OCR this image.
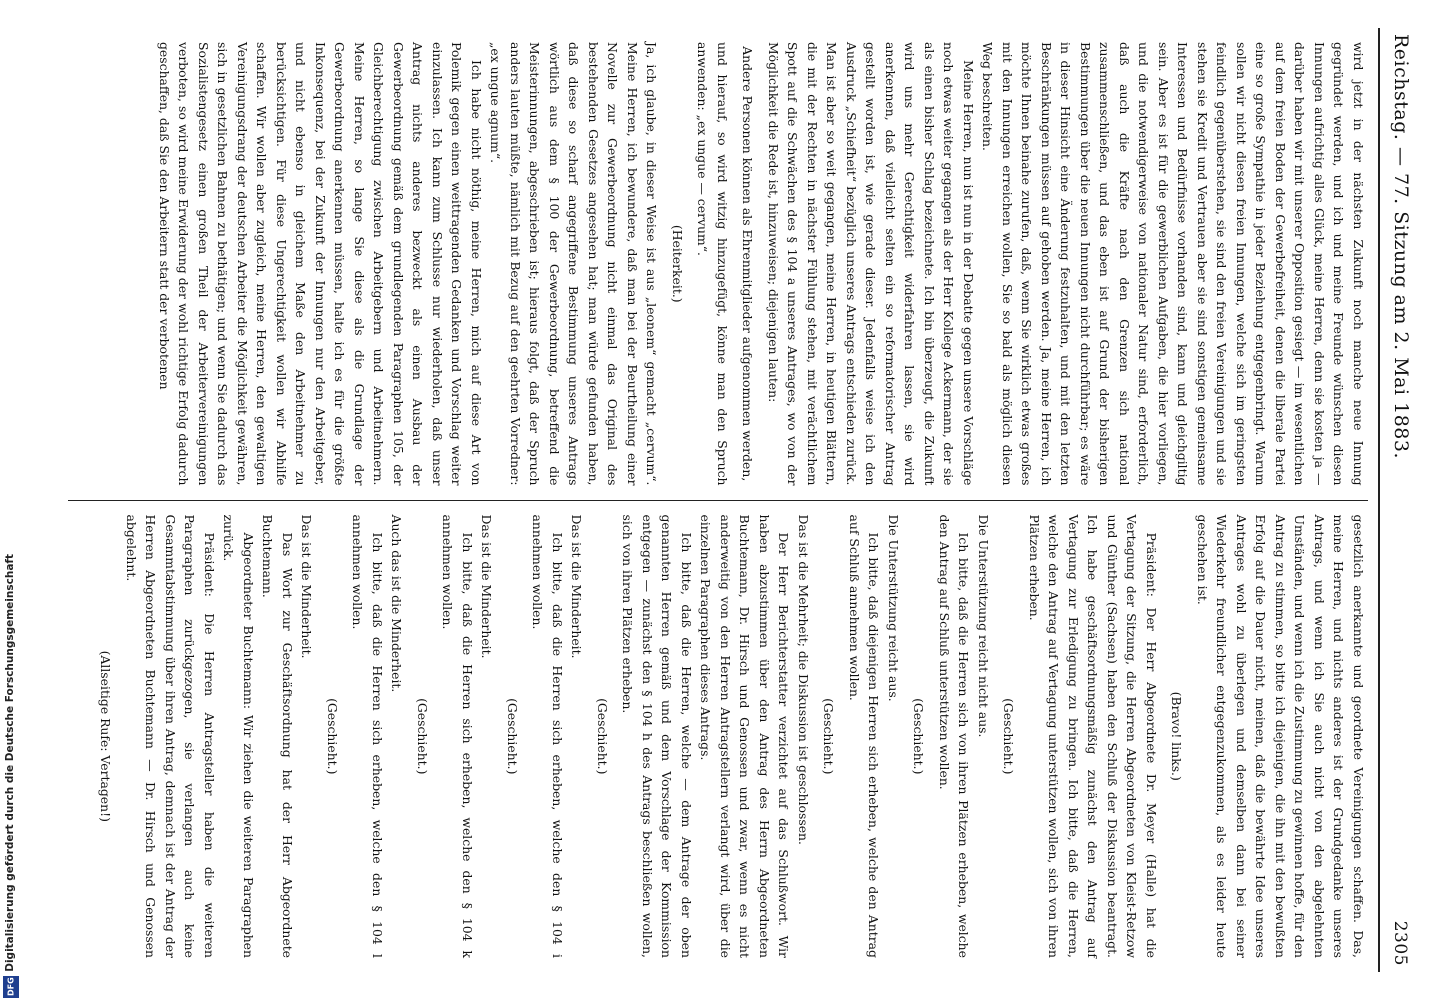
Digitalisierung gefördert durch die Deutsche Forschungsgemeinschaft
DFG
Reichstag. — 77. Sitzung am 2. Mai 1883.
2305

wird jetzt in der nächsten Zukunft noch manche neue Innung gegründet werden, und ich und meine Freunde wünschen diesen Innungen aufrichtig alles Glück, meine Herren, denn sie kosten ja — darüber haben wir mit unserer Opposition gesiegt — im wesentlichen auf dem freien Boden der Gewerbefreiheit, denen die liberale Partei eine so große Sympathie in jeder Beziehung entgegenbringt. Warum sollen wir nicht diesen freien Innungen, welche sich im geringsten feindlich gegenüberstehen, sie sind den freien Vereinigungen und sie stehen sie Kredit und Vertrauen aber sie sind sonstigen gemeinsame Interessen und Bedürfnisse vorhanden sind, kann und gleichgiltig sein. Aber es ist für die gewerblichen Aufgaben, die hier vorliegen, und die notwendigerweise von nationaler Natur sind, erforderlich, daß auch die Kräfte nach den Grenzen sich national zusammenschließen, und das eben ist auf Grund der bisherigen Bestimmungen über die neuen Innungen nicht durchführbar; es wäre in dieser Hinsicht eine Änderung festzuhalten, und mit den letzten Beschränkungen müssen auf gehoben werden. Ja, meine Herren, ich möchte Ihnen beinahe zurufen, daß, wenn Sie wirklich etwas großes mit den Innungen erreichen wollen, Sie so bald als möglich diesen Weg beschreiten.

Meine Herren, nun ist nun in der Debatte gegen unsere Vorschläge noch etwas weiter gegangen als der Herr Kollege Ackermann, der sie als einen bisher Schlag bezeichnete. Ich bin überzeugt, die Zukunft wird uns mehr Gerechtigkeit widerfahren lassen, sie wird anerkennen, daß vielleicht selten ein so reformatorischer Antrag gestellt worden ist, wie gerade dieser. Jedenfalls weise ich den Ausdruck „Schiefheit“ bezüglich unseres Antrags entschieden zurück. Man ist aber so weit gegangen, meine Herren, in heutigen Blättern, die mit der Rechten in nächster Fühlung stehen, mit verächtlichem Spott auf die Schwächen des § 104 a unseres Antrages, wo von der Möglichkeit die Rede ist, hinzuweisen; diejenigen lauten:

Andere Personen können als Ehrenmitglieder aufgenommen werden,

und hierauf, so wird witzig hinzugefügt, könne man den Spruch anwenden: „ex ungue — cervum“.

(Heiterkeit.)

Ja, ich glaube, in dieser Weise ist aus „leonem“ gemacht „cervum“. Meine Herren, ich bewundere, daß man bei der Beurtheilung einer Novelle zur Gewerbeordnung nicht einmal das Original des bestehenden Gesetzes angesehen hat; man würde gefunden haben, daß diese so scharf angegriffene Bestimmung unseres Antrags wörtlich aus dem § 100 der Gewerbeordnung, betreffend die Meisterinnungen, abgeschrieben ist; hieraus folgt, daß der Spruch anders lauten müßte, nämlich mit Bezug auf den geehrten Vorredner: „ex ungue agnum“.

Ich habe nicht nöthig, meine Herren, mich auf diese Art von Polemik gegen einen weittragenden Gedanken und Vorschlag weiter einzulassen. Ich kann zum Schlusse nur wiederholen, daß unser Antrag nichts anderes bezweckt als einen Ausbau der Gewerbeordnung gemäß dem grundlegenden Paragraphen 105, der Gleichberechtigung zwischen Arbeitgebern und Arbeitnehmern. Meine Herren, so lange Sie diese als die Grundlage der Gewerbeordnung anerkennen müssen, halte ich es für die größte Inkonsequenz, bei der Zukunft der Innungen nur den Arbeitgeber, und nicht ebenso in gleichem Maße den Arbeitnehmer zu berücksichtigen. Für diese Ungerechtigkeit wollen wir Abhilfe schaffen. Wir wollen aber zugleich, meine Herren, den gewaltigen Vereinigungsdrang der deutschen Arbeiter die Möglichkeit gewähren, sich in gesetzlichen Bahnen zu bethätigen; und wenn Sie dadurch das Sozialistengesetz einen großen Theil der Arbeitervereinigungen verboten, so wird meine Erwiderung der wohl richtige Erfolg dadurch geschaffen, daß Sie den Arbeitern statt der verbotenen

gesetzlich anerkannte und geordnete Vereinigungen schaffen. Das, meine Herren, und nichts anderes ist der Grundgedanke unseres Antrags, und wenn ich Sie auch nicht von den abgelehnten Umständen, und wenn ich die Zustimmung zu gewinnen hoffe, für den Antrag zu stimmen, so bitte ich diejenigen, die ihn mit den bewußten Erfolg auf die Dauer nicht, meinen, daß die bewährte Idee unseres Antrages wohl zu überlegen und demselben dann bei seiner Wiederkehr freundlicher entgegenzukommen, als es leider heute geschehen ist.

(Bravo! links.)

Präsident: Der Herr Abgeordnete Dr. Meyer (Halle) hat die Vertagung der Sitzung, die Herren Abgeordneten von Kleist-Retzow und Günther (Sachsen) haben den Schluß der Diskussion beantragt. Ich habe geschäftsordnungsmäßig zunächst den Antrag auf Vertagung zur Erledigung zu bringen. Ich bitte, daß die Herren, welche den Antrag auf Vertagung unterstützen wollen, sich von ihren Plätzen erheben.

(Geschieht.)

Die Unterstützung reicht nicht aus.

Ich bitte, daß die Herren sich von ihren Plätzen erheben, welche den Antrag auf Schluß unterstützen wollen.

(Geschieht.)

Die Unterstützung reicht aus.

Ich bitte, daß diejenigen Herren sich erheben, welche den Antrag auf Schluß annehmen wollen.

(Geschieht.)

Das ist die Mehrheit; die Diskussion ist geschlossen.

Der Herr Berichterstatter verzichtet auf das Schlußwort. Wir haben abzustimmen über den Antrag des Herrn Abgeordneten Buchtemann, Dr. Hirsch und Genossen und zwar, wenn es nicht anderweitig von den Herren Antragstellern verlangt wird, über die einzelnen Paragraphen dieses Antrags.

Ich bitte, daß die Herren, welche — dem Antrage der oben genannten Herren gemäß und dem Vorschlage der Kommission entgegen — zunächst den § 104 h des Antrags beschließen wollen, sich von ihren Plätzen erheben.

(Geschieht.)

Das ist die Minderheit.

Ich bitte, daß die Herren sich erheben, welche den § 104 i annehmen wollen.

(Geschieht.)

Das ist die Minderheit.

Ich bitte, daß die Herren sich erheben, welche den § 104 k annehmen wollen.

(Geschieht.)

Auch das ist die Minderheit.

Ich bitte, daß die Herren sich erheben, welche den § 104 l annehmen wollen.

(Geschieht.)

Das ist die Minderheit.

Das Wort zur Geschäftsordnung hat der Herr Abgeordnete Buchtemann.

Abgeordneter Buchtemann: Wir ziehen die weiteren Paragraphen zurück.

Präsident: Die Herren Antragsteller haben die weiteren Paragraphen zurückgezogen, sie verlangen auch keine Gesammtabstimmung über ihren Antrag, demnach ist der Antrag der Herren Abgeordneten Buchtemann — Dr. Hirsch und Genossen abgelehnt.

(Allseitige Rufe: Vertagen!)
